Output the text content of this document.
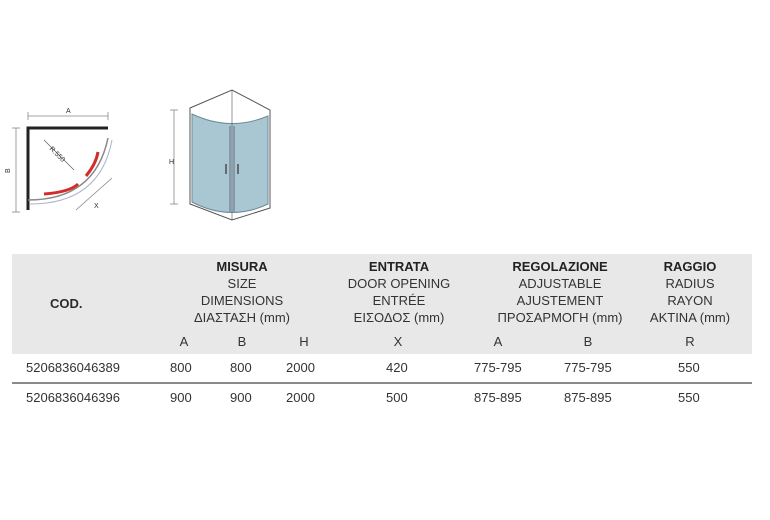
A
B
R.550
X
H
COD.
MISURA
SIZE
DIMENSIONS
ΔΙΑΣΤΑΣΗ (mm)
ENTRATA
DOOR OPENING
ENTRÉE
ΕΙΣΟΔΟΣ (mm)
REGOLAZIONE
ADJUSTABLE
AJUSTEMENT
ΠΡΟΣΑΡΜΟΓΗ (mm)
RAGGIO
RADIUS
RAYON
ΑΚΤΙΝΑ (mm)
A	B	H	X	A	B	R
5206836046389	800	800	2000	420	775-795	775-795	550
5206836046396	900	900	2000	500	875-895	875-895	550
